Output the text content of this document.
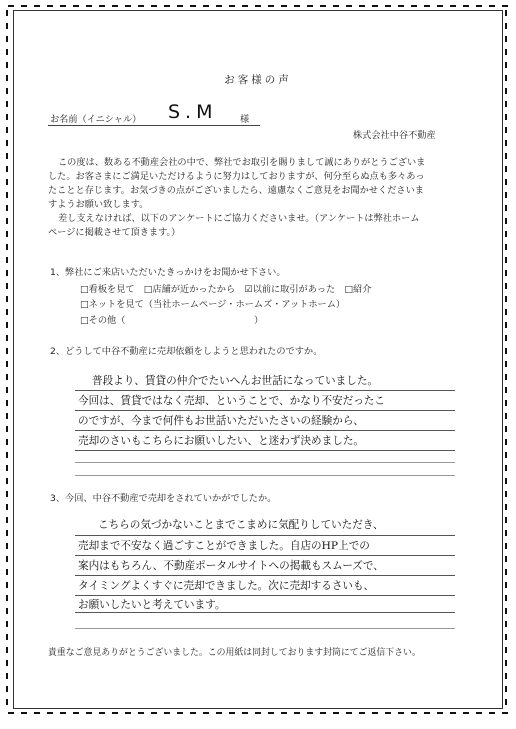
お客様の声
お名前（イニシャル） S.M 様
株式会社中谷不動産
この度は、数ある不動産会社の中で、弊社でお取引を賜りまして誠にありがとうございま
した。お客さまにご満足いただけるように努力はしておりますが、何分至らぬ点も多々あっ
たことと存じます。お気づきの点がございましたら、遠慮なくご意見をお聞かせくださいま
すようお願い致します。
差し支えなければ、以下のアンケートにご協力くださいませ。（アンケートは弊社ホーム
ページに掲載させて頂きます。）
1、弊社にご来店いただいたきっかけをお聞かせ下さい。
□看板を見て　□店舗が近かったから　☑以前に取引があった　□紹介
□ネットを見て（当社ホームページ・ホームズ・アットホーム）
□その他（　　　　　　　　　　　　　　）
2、どうして中谷不動産に売却依頼をしようと思われたのですか。
普段より、賃貸の仲介でたいへんお世話になっていました。
今回は、賃貸ではなく売却、ということで、かなり不安だったこ
のですが、今まで何件もお世話いただいたさいの経験から、
売却のさいもこちらにお願いしたい、と迷わず決めました。
3、今回、中谷不動産で売却をされていかがでしたか。
こちらの気づかないことまでこまめに気配りしていただき、
売却まで不安なく過ごすことができました。自店のHP上での
案内はもちろん、不動産ポータルサイトへの掲載もスムーズで、
タイミングよくすぐに売却できました。次に売却するさいも、
お願いしたいと考えています。
貴重なご意見ありがとうございました。この用紙は同封しております封筒にてご返信下さい。
